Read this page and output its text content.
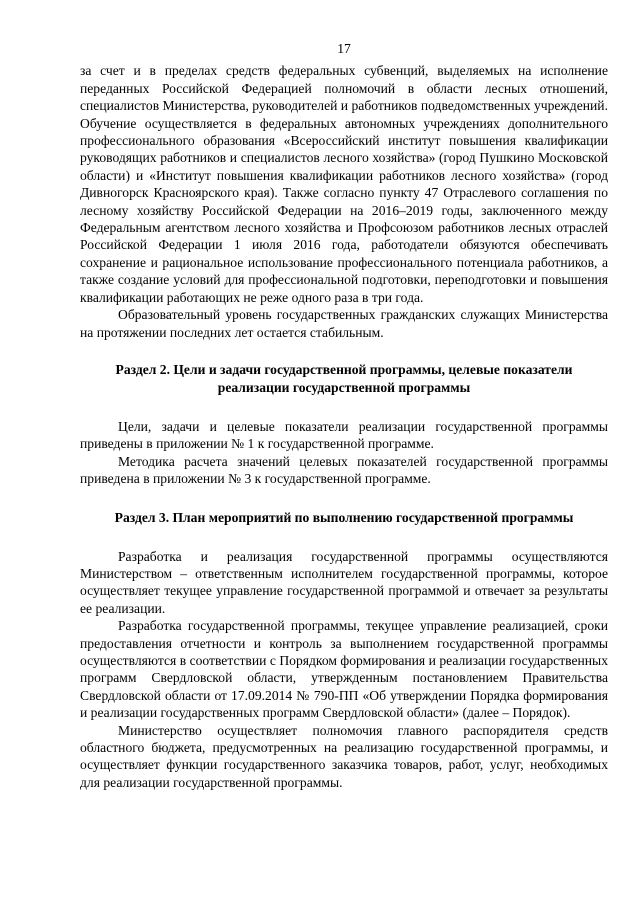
17

за счет и в пределах средств федеральных субвенций, выделяемых на исполнение переданных Российской Федерацией полномочий в области лесных отношений, специалистов Министерства, руководителей и работников подведомственных учреждений. Обучение осуществляется в федеральных автономных учреждениях дополнительного профессионального образования «Всероссийский институт повышения квалификации руководящих работников и специалистов лесного хозяйства» (город Пушкино Московской области) и «Институт повышения квалификации работников лесного хозяйства» (город Дивногорск Красноярского края). Также согласно пункту 47 Отраслевого соглашения по лесному хозяйству Российской Федерации на 2016–2019 годы, заключенного между Федеральным агентством лесного хозяйства и Профсоюзом работников лесных отраслей Российской Федерации 1 июля 2016 года, работодатели обязуются обеспечивать сохранение и рациональное использование профессионального потенциала работников, а также создание условий для профессиональной подготовки, переподготовки и повышения квалификации работающих не реже одного раза в три года.

Образовательный уровень государственных гражданских служащих Министерства на протяжении последних лет остается стабильным.

Раздел 2. Цели и задачи государственной программы, целевые показатели реализации государственной программы

Цели, задачи и целевые показатели реализации государственной программы приведены в приложении № 1 к государственной программе.

Методика расчета значений целевых показателей государственной программы приведена в приложении № 3 к государственной программе.

Раздел 3. План мероприятий по выполнению государственной программы

Разработка и реализация государственной программы осуществляются Министерством – ответственным исполнителем государственной программы, которое осуществляет текущее управление государственной программой и отвечает за результаты ее реализации.

Разработка государственной программы, текущее управление реализацией, сроки предоставления отчетности и контроль за выполнением государственной программы осуществляются в соответствии с Порядком формирования и реализации государственных программ Свердловской области, утвержденным постановлением Правительства Свердловской области от 17.09.2014 № 790-ПП «Об утверждении Порядка формирования и реализации государственных программ Свердловской области» (далее – Порядок).

Министерство осуществляет полномочия главного распорядителя средств областного бюджета, предусмотренных на реализацию государственной программы, и осуществляет функции государственного заказчика товаров, работ, услуг, необходимых для реализации государственной программы.
